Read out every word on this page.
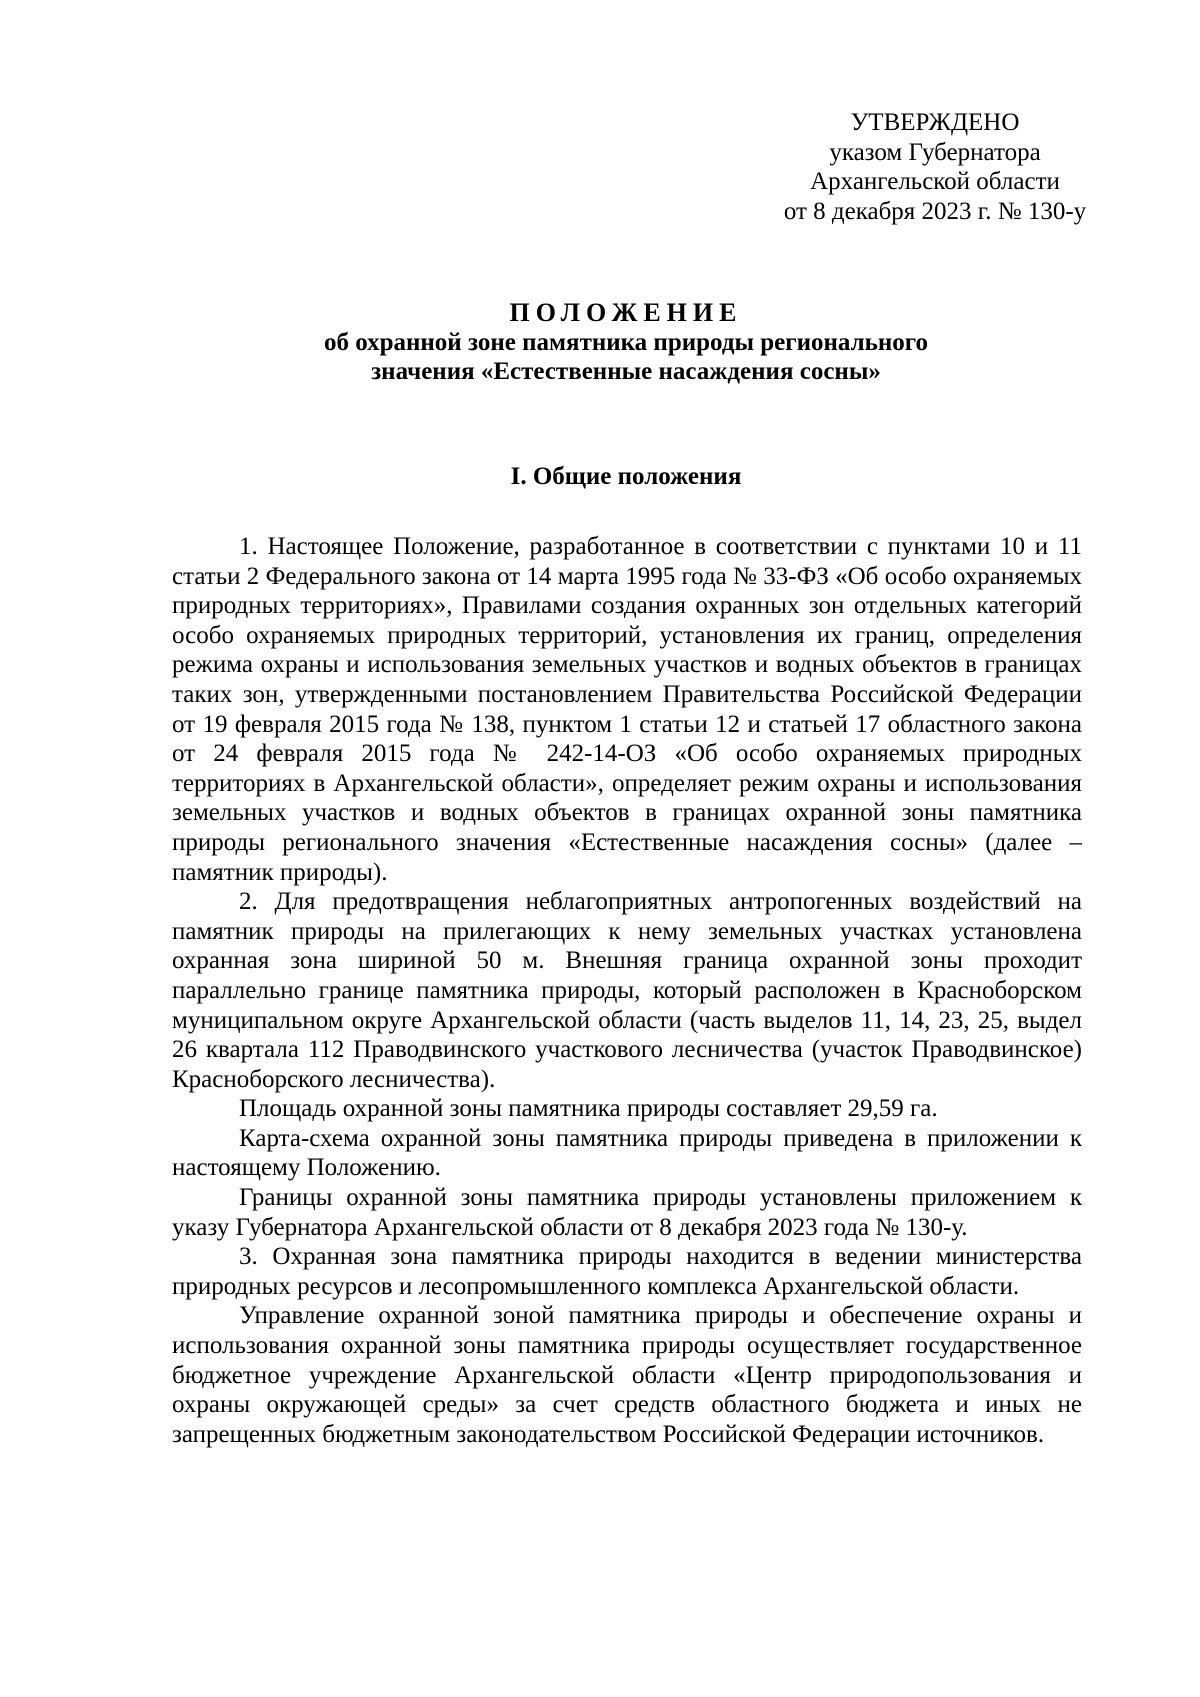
УТВЕРЖДЕНО
указом Губернатора
Архангельской области
от 8 декабря 2023 г. № 130-у
ПОЛОЖЕНИЕ
об охранной зоне памятника природы регионального
значения «Естественные насаждения сосны»
I. Общие положения

1. Настоящее Положение, разработанное в соответствии с пунктами 10 и 11 статьи 2 Федерального закона от 14 марта 1995 года № 33-ФЗ «Об особо охраняемых природных территориях», Правилами создания охранных зон отдельных категорий особо охраняемых природных территорий, установления их границ, определения режима охраны и использования земельных участков и водных объектов в границах таких зон, утвержденными постановлением Правительства Российской Федерации от 19 февраля 2015 года № 138, пунктом 1 статьи 12 и статьей 17 областного закона от 24 февраля 2015 года № 242-14-ОЗ «Об особо охраняемых природных территориях в Архангельской области», определяет режим охраны и использования земельных участков и водных объектов в границах охранной зоны памятника природы регионального значения «Естественные насаждения сосны» (далее – памятник природы).

2. Для предотвращения неблагоприятных антропогенных воздействий на памятник природы на прилегающих к нему земельных участках установлена охранная зона шириной 50 м. Внешняя граница охранной зоны проходит параллельно границе памятника природы, который расположен в Красноборском муниципальном округе Архангельской области (часть выделов 11, 14, 23, 25, выдел 26 квартала 112 Праводвинского участкового лесничества (участок Праводвинское) Красноборского лесничества).

Площадь охранной зоны памятника природы составляет 29,59 га.

Карта-схема охранной зоны памятника природы приведена в приложении к настоящему Положению.

Границы охранной зоны памятника природы установлены приложением к указу Губернатора Архангельской области от 8 декабря 2023 года № 130-у.

3. Охранная зона памятника природы находится в ведении министерства природных ресурсов и лесопромышленного комплекса Архангельской области.

Управление охранной зоной памятника природы и обеспечение охраны и использования охранной зоны памятника природы осуществляет государственное бюджетное учреждение Архангельской области «Центр природопользования и охраны окружающей среды» за счет средств областного бюджета и иных не запрещенных бюджетным законодательством Российской Федерации источников.
